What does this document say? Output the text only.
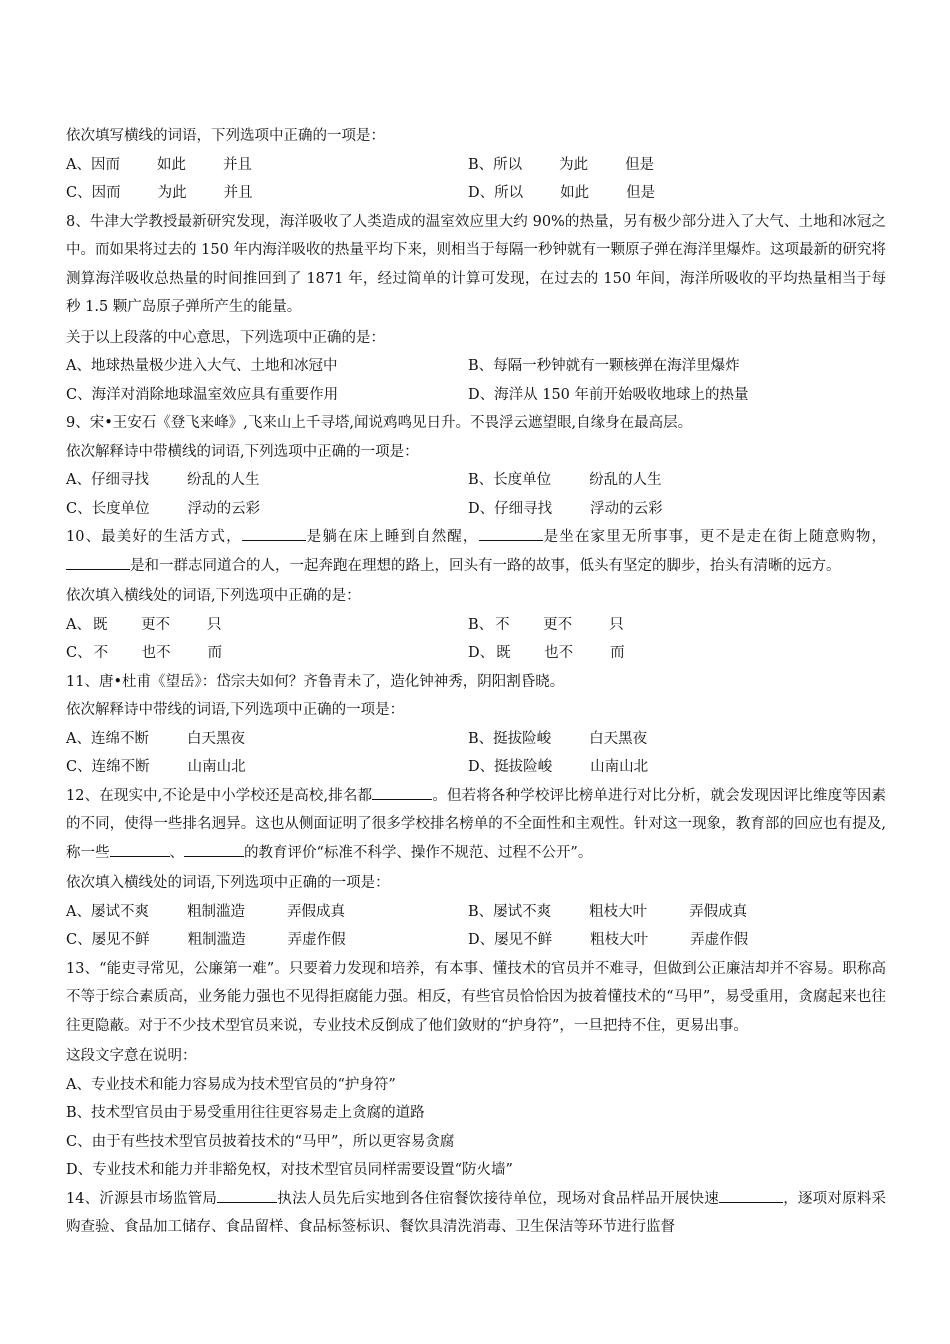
依次填写横线的词语，下列选项中正确的一项是：

A、 因而	如此	并且	B、 所以	为此	但是
C、 因而	为此	并且	D、 所以	如此	但是

8、牛津大学教授最新研究发现，海洋吸收了人类造成的温室效应里大约 90%的热量，另有极少部分进入了大气、土地和冰冠之中。而如果将过去的 150 年内海洋吸收的热量平均下来，则相当于每隔一秒钟就有一颗原子弹在海洋里爆炸。这项最新的研究将测算海洋吸收总热量的时间推回到了 1871 年，经过简单的计算可发现，在过去的 150 年间，海洋所吸收的平均热量相当于每秒 1.5 颗广岛原子弹所产生的能量。

关于以上段落的中心意思，下列选项中正确的是：

A、地球热量极少进入大气、土地和冰冠中	B、每隔一秒钟就有一颗核弹在海洋里爆炸
C、海洋对消除地球温室效应具有重要作用	D、海洋从 150 年前开始吸收地球上的热量

9、宋•王安石《登飞来峰》,飞来山上千寻塔,闻说鸡鸣见日升。不畏浮云遮望眼,自缘身在最高层。

依次解释诗中带横线的词语,下列选项中正确的一项是：

A、 仔细寻找	纷乱的人生	B、 长度单位	纷乱的人生
C、 长度单位	浮动的云彩	D、 仔细寻找	浮动的云彩

10、最美好的生活方式，	是躺在床上睡到自然醒，	是坐在家里无所事事，更不是走在街上随意购物，是和一群志同道合的人，一起奔跑在理想的路上，回头有一路的故事，低头有坚定的脚步，抬头有清晰的远方。

依次填入横线处的词语,下列选项中正确的是：

A、 既	更不	只	B、 不	更不	只
C、 不	也不	而	D、 既	也不	而

11、唐•杜甫《望岳》：岱宗夫如何？齐鲁青未了，造化钟神秀，阴阳割昏晓。

依次解释诗中带线的词语,下列选项中正确的一项是：

A、 连绵不断	白天黑夜	B、 挺拔险峻	白天黑夜
C、 连绵不断	山南山北	D、 挺拔险峻	山南山北

12、在现实中,不论是中小学校还是高校,排名都	。但若将各种学校评比榜单进行对比分析，就会发现因评比维度等因素的不同，使得一些排名迥异。这也从侧面证明了很多学校排名榜单的不全面性和主观性。针对这一现象，教育部的回应也有提及,称一些	、	的教育评价“标准不科学、操作不规范、过程不公开”。

依次填入横线处的词语,下列选项中正确的一项是：

A、 屡试不爽	粗制滥造	弄假成真	B、 屡试不爽	粗枝大叶	弄假成真
C、 屡见不鲜	粗制滥造	弄虚作假	D、 屡见不鲜	粗枝大叶	弄虚作假

13、“能吏寻常见，公廉第一难”。只要着力发现和培养，有本事、懂技术的官员并不难寻，但做到公正廉洁却并不容易。职称高不等于综合素质高，业务能力强也不见得拒腐能力强。相反，有些官员恰恰因为披着懂技术的“马甲”，易受重用，贪腐起来也往往更隐蔽。对于不少技术型官员来说，专业技术反倒成了他们敛财的“护身符”，一旦把持不住，更易出事。

这段文字意在说明：

A、专业技术和能力容易成为技术型官员的“护身符”
B、技术型官员由于易受重用往往更容易走上贪腐的道路
C、由于有些技术型官员披着技术的“马甲”，所以更容易贪腐
D、专业技术和能力并非豁免权，对技术型官员同样需要设置“防火墙”

14、沂源县市场监管局	执法人员先后实地到各住宿餐饮接待单位，现场对食品样品开展快速	，逐项对原料采购查验、食品加工储存、食品留样、食品标签标识、餐饮具清洗消毒、卫生保洁等环节进行监督
